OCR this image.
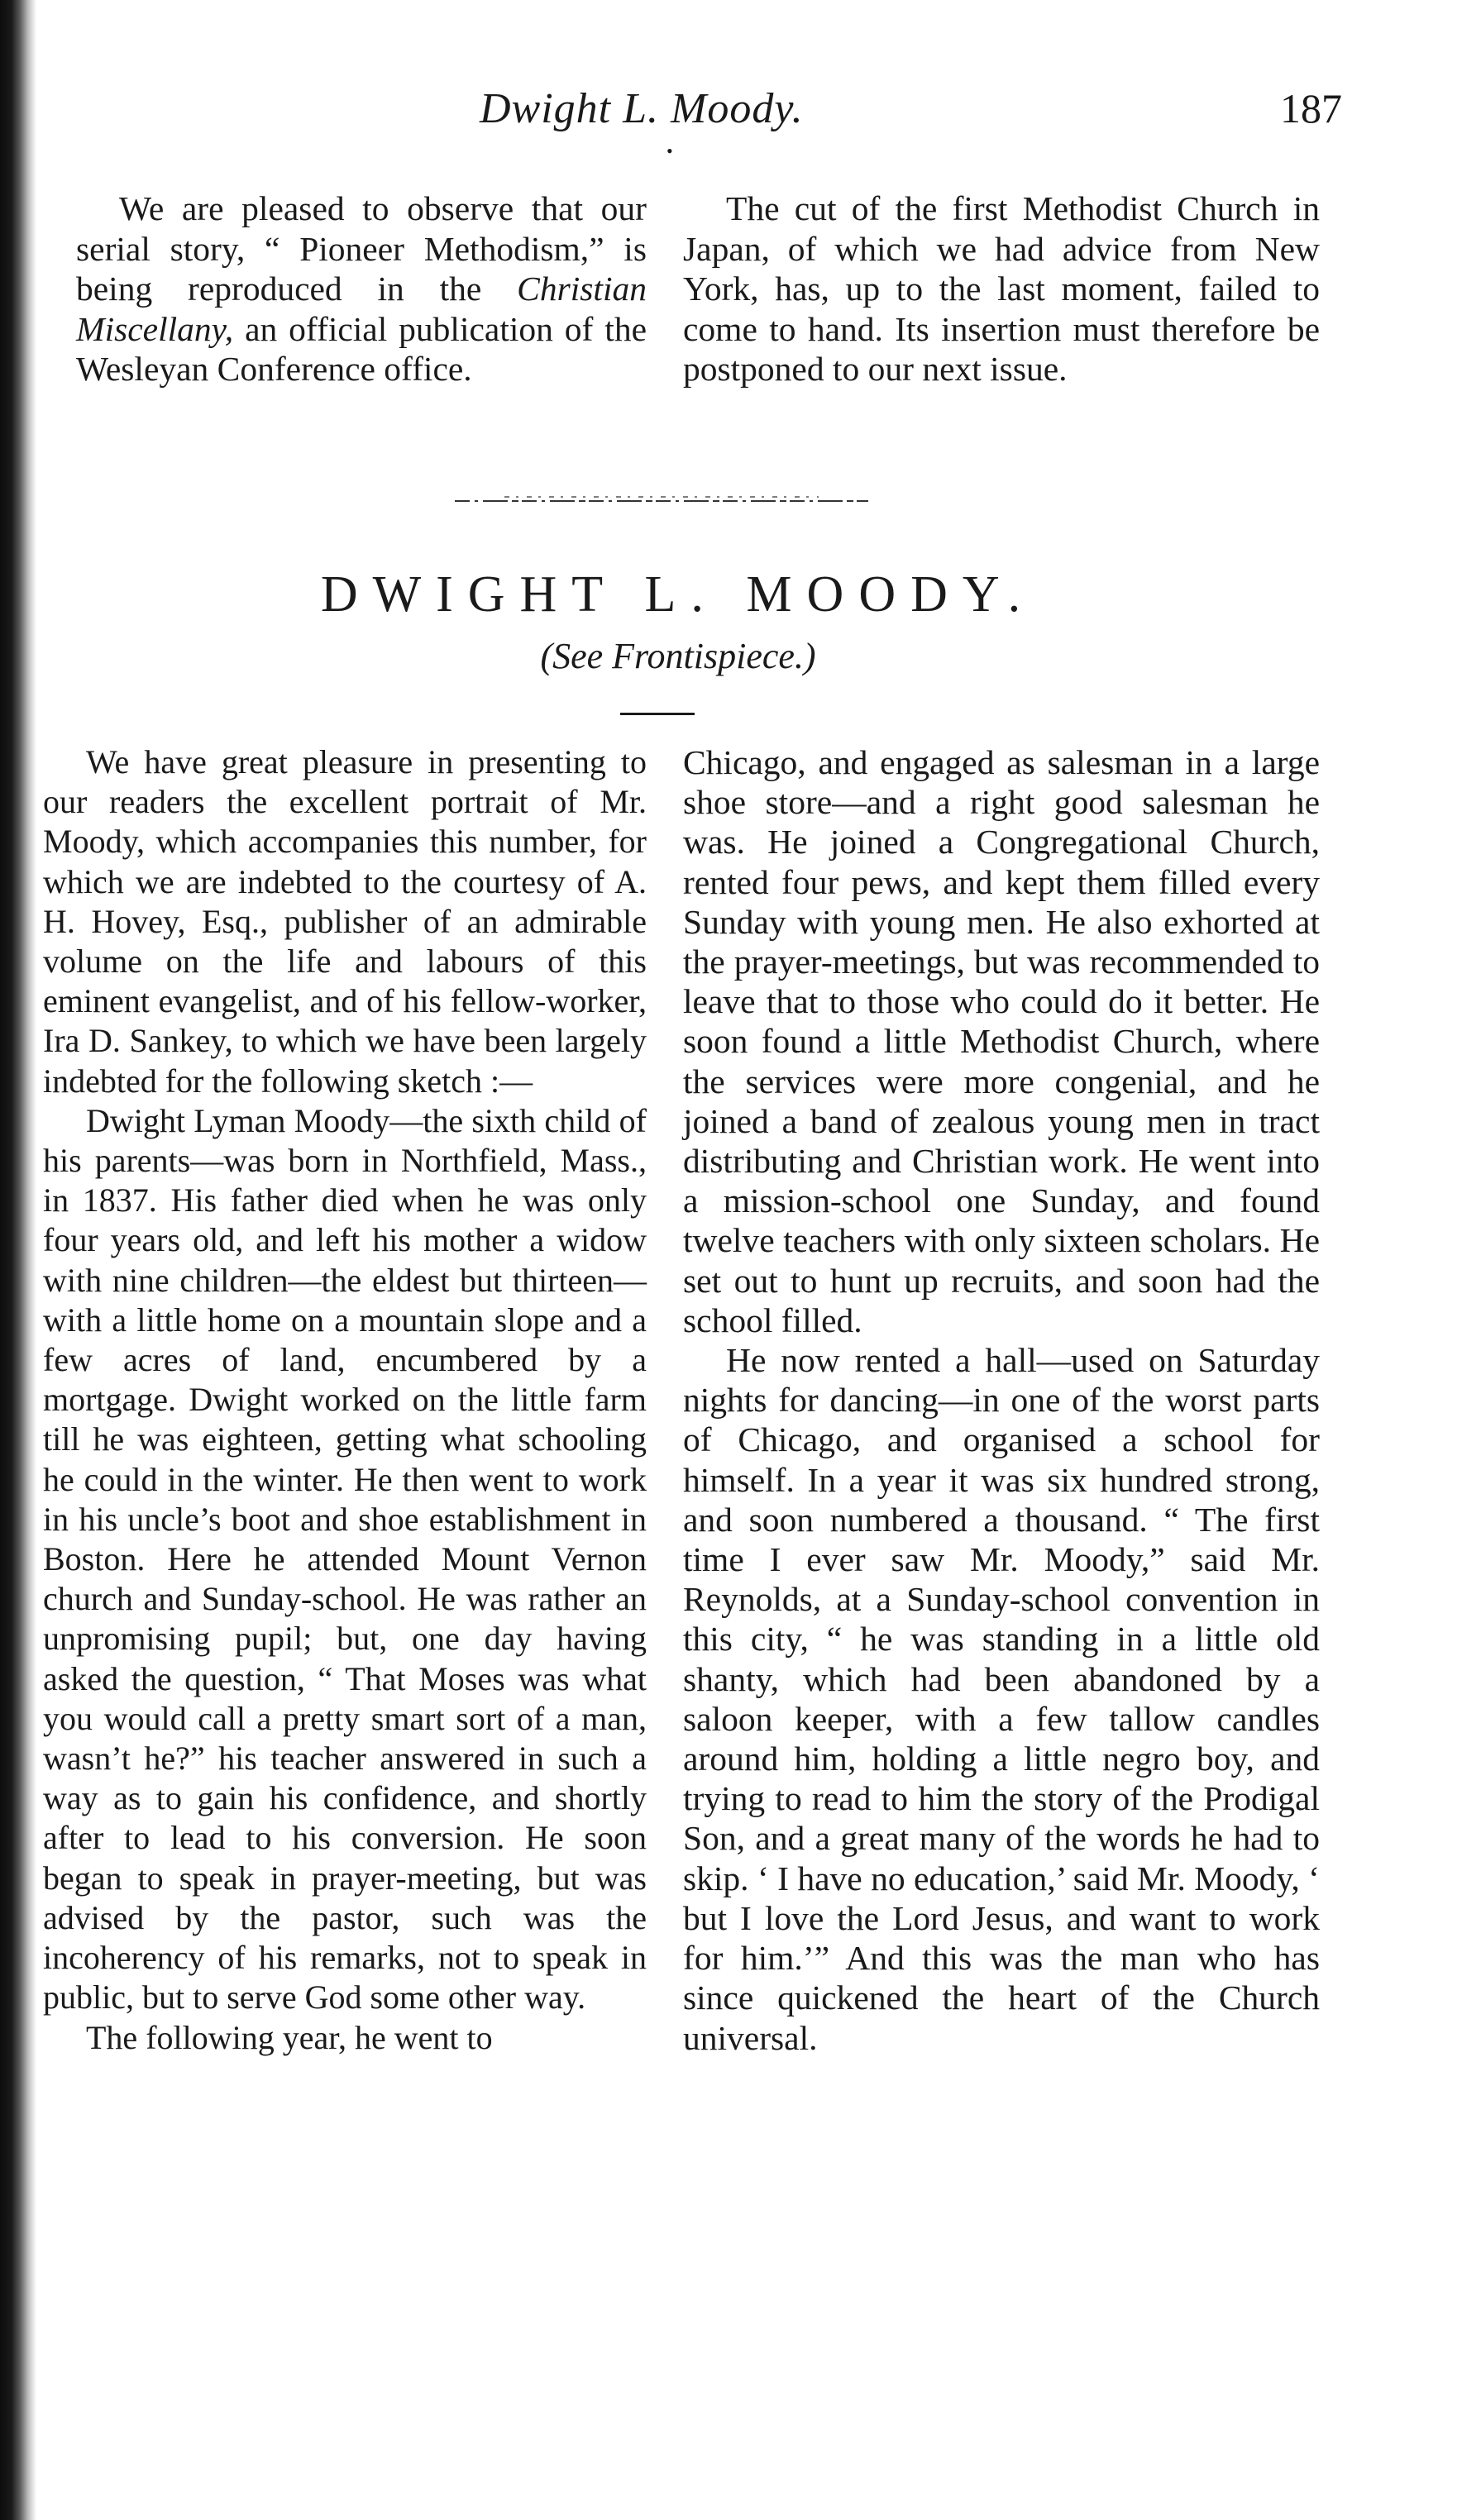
Dwight L. Moody.
•
187

We are pleased to observe that our serial story, “ Pioneer Methodism,” is being reproduced in the Christian Miscellany, an official publication of the Wesleyan Conference office.

The cut of the first Methodist Church in Japan, of which we had advice from New York, has, up to the last moment, failed to come to hand. Its insertion must therefore be postponed to our next issue.

DWIGHT L. MOODY.
(See Frontispiece.)

We have great pleasure in presenting to our readers the excellent portrait of Mr. Moody, which accompanies this number, for which we are indebted to the courtesy of A. H. Hovey, Esq., publisher of an admirable volume on the life and labours of this eminent evangelist, and of his fellow-worker, Ira D. Sankey, to which we have been largely indebted for the following sketch :—

Dwight Lyman Moody—the sixth child of his parents—was born in Northfield, Mass., in 1837. His father died when he was only four years old, and left his mother a widow with nine children—the eldest but thirteen—with a little home on a mountain slope and a few acres of land, encumbered by a mortgage. Dwight worked on the little farm till he was eighteen, getting what schooling he could in the winter. He then went to work in his uncle’s boot and shoe establishment in Boston. Here he attended Mount Vernon church and Sunday-school. He was rather an unpromising pupil; but, one day having asked the question, “ That Moses was what you would call a pretty smart sort of a man, wasn’t he?” his teacher answered in such a way as to gain his confidence, and shortly after to lead to his conversion. He soon began to speak in prayer-meeting, but was advised by the pastor, such was the incoherency of his remarks, not to speak in public, but to serve God some other way.

The following year, he went to

Chicago, and engaged as salesman in a large shoe store—and a right good salesman he was. He joined a Congregational Church, rented four pews, and kept them filled every Sunday with young men. He also exhorted at the prayer-meetings, but was recommended to leave that to those who could do it better. He soon found a little Methodist Church, where the services were more congenial, and he joined a band of zealous young men in tract distributing and Christian work. He went into a mission-school one Sunday, and found twelve teachers with only sixteen scholars. He set out to hunt up recruits, and soon had the school filled.

He now rented a hall—used on Saturday nights for dancing—in one of the worst parts of Chicago, and organised a school for himself. In a year it was six hundred strong, and soon numbered a thousand. “ The first time I ever saw Mr. Moody,” said Mr. Reynolds, at a Sunday-school convention in this city, “ he was standing in a little old shanty, which had been abandoned by a saloon keeper, with a few tallow candles around him, holding a little negro boy, and trying to read to him the story of the Prodigal Son, and a great many of the words he had to skip. ‘ I have no education,’ said Mr. Moody, ‘ but I love the Lord Jesus, and want to work for him.’” And this was the man who has since quickened the heart of the Church universal.
